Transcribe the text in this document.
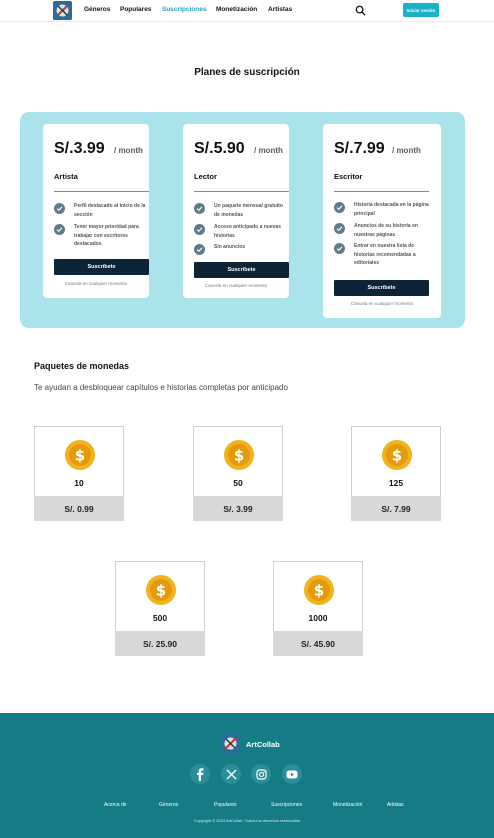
Géneros Populares Suscripciones Monetización Artistas	Iniciar sesión
Planes de suscripción
S/.3.99 / month
Artista
Perfil destacado al inicio de la sección
Tener mayor prioridad para trabajar con escritores destacados
Suscríbete
Cancela en cualquier momento
S/.5.90 / month
Lector
Un paquete mensual gratuito de monedas
Acceso anticipado a nuevas historias
Sin anuncios
Suscríbete
Cancela en cualquier momento
S/.7.99 / month
Escritor
Historia destacada en la página principal
Anuncios de su historia en nuestras páginas
Entrar en nuestra lista de historias recomendadas a editoriales
Suscríbete
Cancela en cualquier momento
Paquetes de monedas
Te ayudan a desbloquear capítulos e historias completas por anticipado
$
10
S/. 0.99
$
50
S/. 3.99
$
125
S/. 7.99
$
500
S/. 25.90
$
1000
S/. 45.90
ArtCollab
Acerca de	Géneros	Populares	Suscripciones	Monetización	Artistas
Copyright © 2024 ArtCollab. Todos los derechos reservados
